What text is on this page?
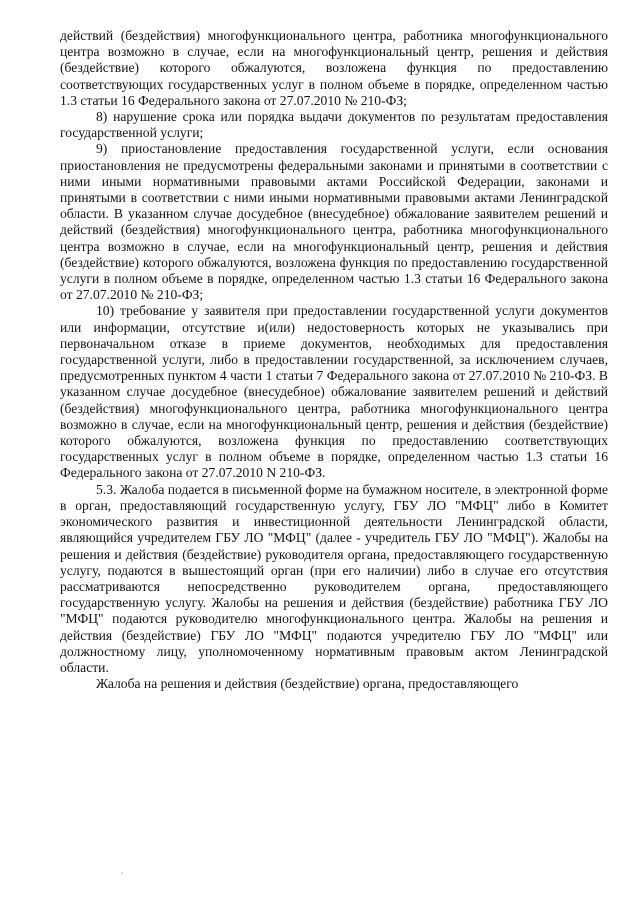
действий (бездействия) многофункционального центра, работника многофункционального центра возможно в случае, если на многофункциональный центр, решения и действия (бездействие) которого обжалуются, возложена функция по предоставлению соответствующих государственных услуг в полном объеме в порядке, определенном частью 1.3 статьи 16 Федерального закона от 27.07.2010 № 210-ФЗ;

8) нарушение срока или порядка выдачи документов по результатам предоставления государственной услуги;

9) приостановление предоставления государственной услуги, если основания приостановления не предусмотрены федеральными законами и принятыми в соответствии с ними иными нормативными правовыми актами Российской Федерации, законами и принятыми в соответствии с ними иными нормативными правовыми актами Ленинградской области. В указанном случае досудебное (внесудебное) обжалование заявителем решений и действий (бездействия) многофункционального центра, работника многофункционального центра возможно в случае, если на многофункциональный центр, решения и действия (бездействие) которого обжалуются, возложена функция по предоставлению государственной услуги в полном объеме в порядке, определенном частью 1.3 статьи 16 Федерального закона от 27.07.2010 № 210-ФЗ;

10) требование у заявителя при предоставлении государственной услуги документов или информации, отсутствие и(или) недостоверность которых не указывались при первоначальном отказе в приеме документов, необходимых для предоставления государственной услуги, либо в предоставлении государственной, за исключением случаев, предусмотренных пунктом 4 части 1 статьи 7 Федерального закона от 27.07.2010 № 210-ФЗ. В указанном случае досудебное (внесудебное) обжалование заявителем решений и действий (бездействия) многофункционального центра, работника многофункционального центра возможно в случае, если на многофункциональный центр, решения и действия (бездействие) которого обжалуются, возложена функция по предоставлению соответствующих государственных услуг в полном объеме в порядке, определенном частью 1.3 статьи 16 Федерального закона от 27.07.2010 N 210-ФЗ.

5.3. Жалоба подается в письменной форме на бумажном носителе, в электронной форме в орган, предоставляющий государственную услугу, ГБУ ЛО "МФЦ" либо в Комитет экономического развития и инвестиционной деятельности Ленинградской области, являющийся учредителем ГБУ ЛО "МФЦ" (далее - учредитель ГБУ ЛО "МФЦ"). Жалобы на решения и действия (бездействие) руководителя органа, предоставляющего государственную услугу, подаются в вышестоящий орган (при его наличии) либо в случае его отсутствия рассматриваются непосредственно руководителем органа, предоставляющего государственную услугу. Жалобы на решения и действия (бездействие) работника ГБУ ЛО "МФЦ" подаются руководителю многофункционального центра. Жалобы на решения и действия (бездействие) ГБУ ЛО "МФЦ" подаются учредителю ГБУ ЛО "МФЦ" или должностному лицу, уполномоченному нормативным правовым актом Ленинградской области.

Жалоба на решения и действия (бездействие) органа, предоставляющего
